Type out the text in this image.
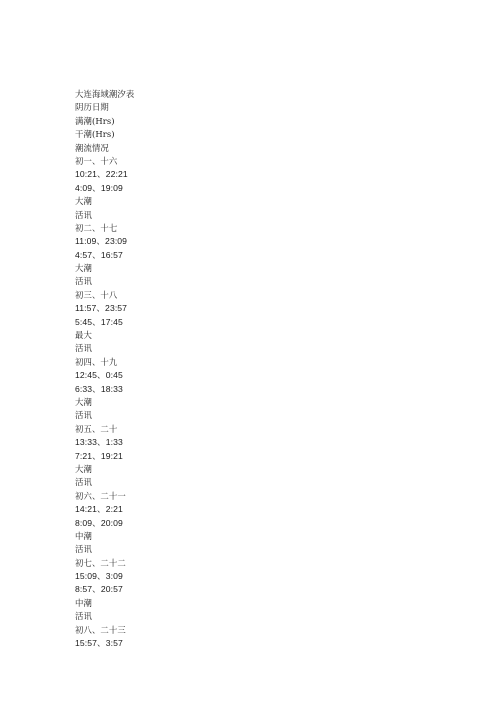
大连海域潮汐表
阴历日期
满潮(Hrs)
干潮(Hrs)
潮流情况
初一、十六
10:21、22:21
4:09、19:09
大潮
活讯
初二、十七
11:09、23:09
4:57、16:57
大潮
活讯
初三、十八
11:57、23:57
5:45、17:45
最大
活讯
初四、十九
12:45、0:45
6:33、18:33
大潮
活讯
初五、二十
13:33、1:33
7:21、19:21
大潮
活讯
初六、二十一
14:21、2:21
8:09、20:09
中潮
活讯
初七、二十二
15:09、3:09
8:57、20:57
中潮
活讯
初八、二十三
15:57、3:57
